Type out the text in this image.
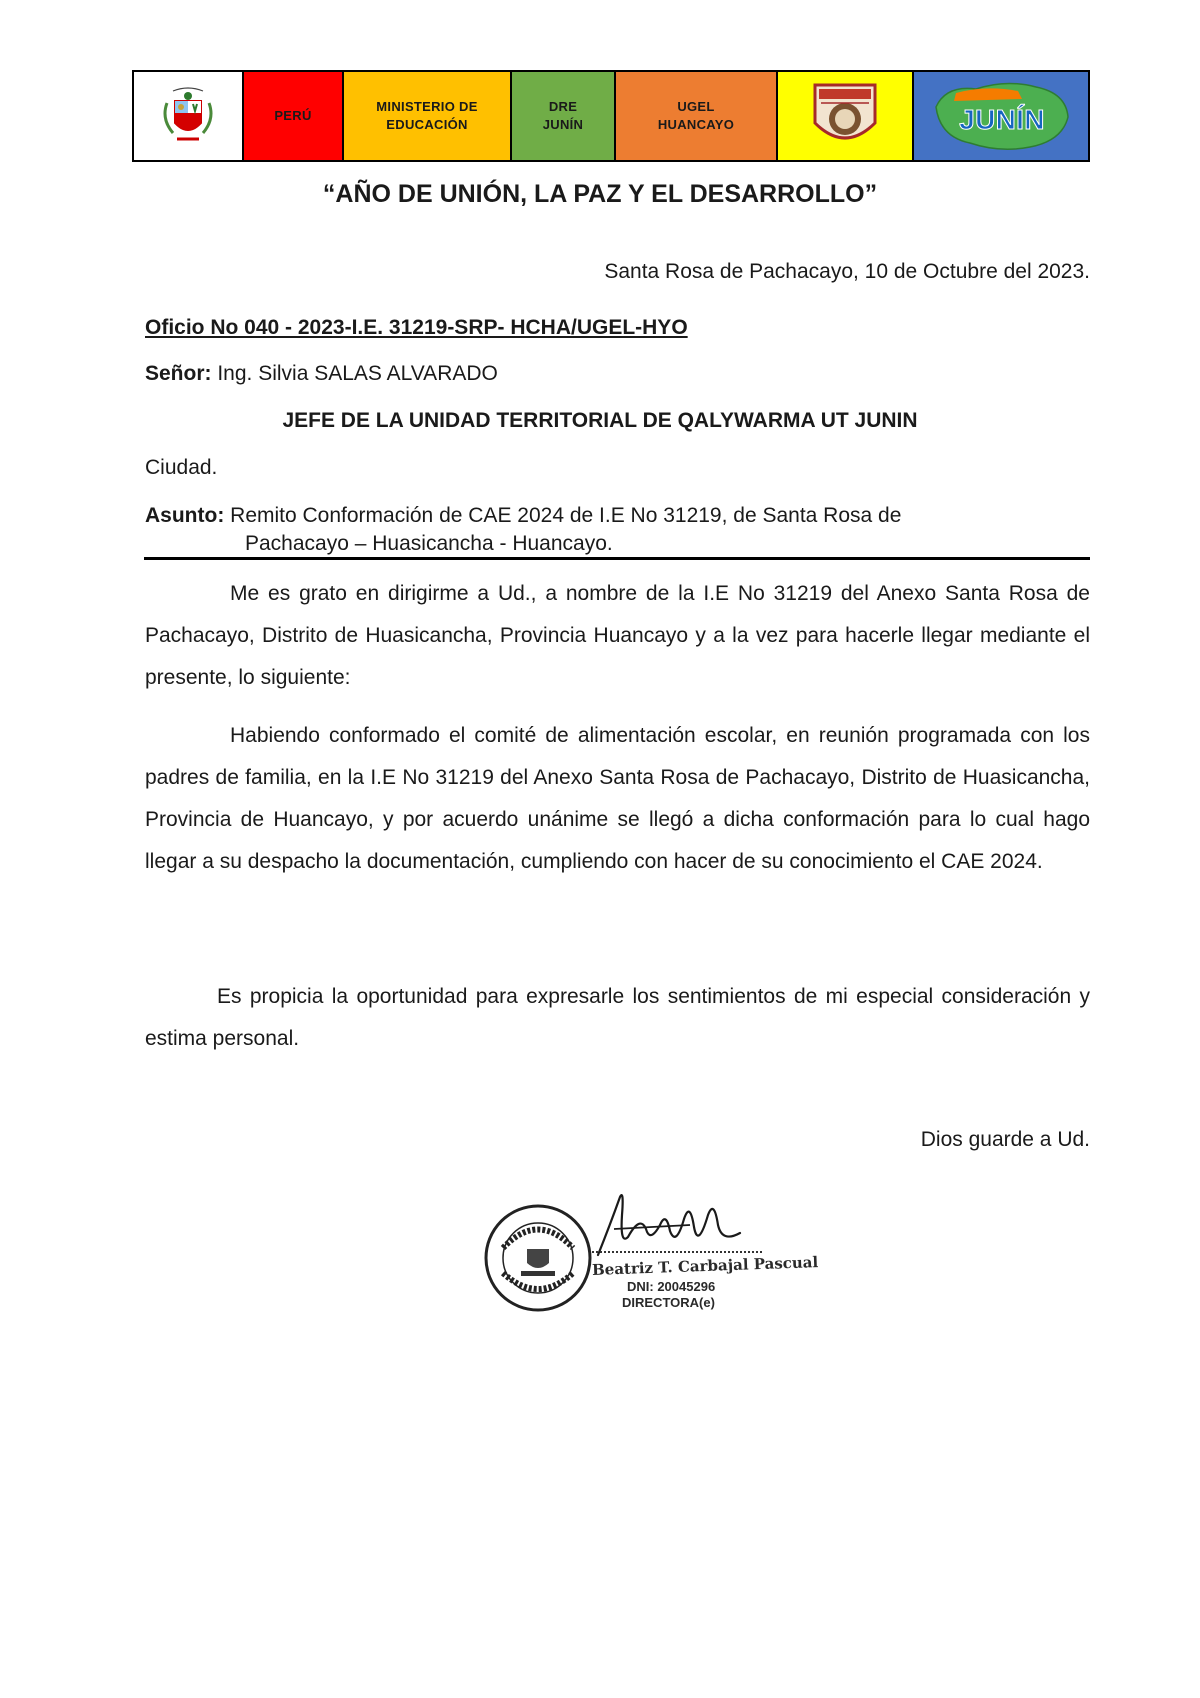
PERÚ
MINISTERIO DE
EDUCACIÓN
DRE
JUNÍN
UGEL
HUANCAYO	JUNÍN

“AÑO DE UNIÓN, LA PAZ Y EL DESARROLLO”

Santa Rosa de Pachacayo, 10 de Octubre del 2023.

Oficio No 040 - 2023-I.E. 31219-SRP- HCHA/UGEL-HYO

Señor: Ing. Silvia SALAS ALVARADO

JEFE DE LA UNIDAD TERRITORIAL DE QALYWARMA UT JUNIN

Ciudad.

Asunto: Remito Conformación de CAE 2024 de I.E No 31219, de Santa Rosa de
Pachacayo – Huasicancha - Huancayo.

Me es grato en dirigirme a Ud., a nombre de la I.E No 31219 del Anexo Santa Rosa de Pachacayo, Distrito de Huasicancha, Provincia Huancayo y a la vez para hacerle llegar mediante el presente, lo siguiente:

Habiendo conformado el comité de alimentación escolar, en reunión programada con los padres de familia, en la I.E No 31219 del Anexo Santa Rosa de Pachacayo, Distrito de Huasicancha, Provincia de Huancayo, y por acuerdo unánime se llegó a dicha conformación para lo cual hago llegar a su despacho la documentación, cumpliendo con hacer de su conocimiento el CAE 2024.

Es propicia la oportunidad para expresarle los sentimientos de mi especial consideración y estima personal.

Dios guarde a Ud.

Beatriz T. Carbajal Pascual
DNI: 20045296
DIRECTORA(e)
